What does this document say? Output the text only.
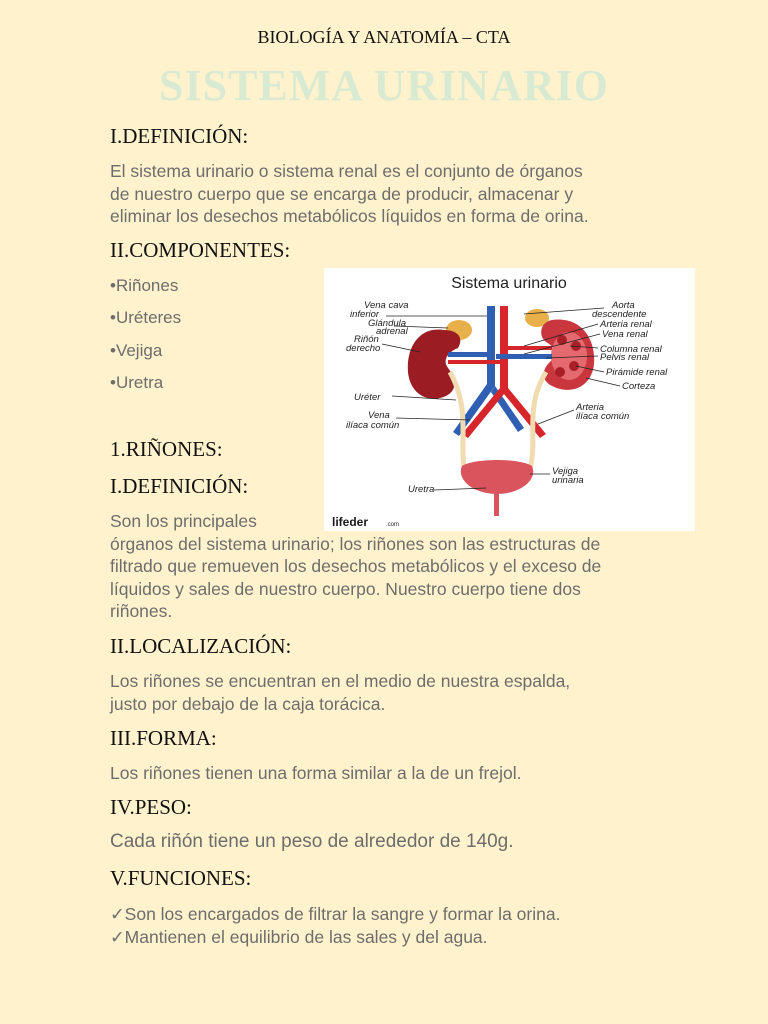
BIOLOGÍA Y ANATOMÍA – CTA
SISTEMA URINARIO
I.DEFINICIÓN:
El sistema urinario o sistema renal es el conjunto de órganos
de nuestro cuerpo que se encarga de producir, almacenar y
eliminar los desechos metabólicos líquidos en forma de orina.
II.COMPONENTES:
•Riñones
•Uréteres
•Vejiga
•Uretra
Sistema urinario
Vena cava
inferior
Glándula
adrenal
Riñón
derecho
Uréter
Vena
ilíaca común
Uretra
Aorta
descendente
Arteria renal
Vena renal
Columna renal
Pelvis renal
Pirámide renal
Corteza
Arteria
ilíaca común
Vejiga
urinaria
lifeder	.com
1.RIÑONES:
I.DEFINICIÓN:
Son los principales
órganos del sistema urinario; los riñones son las estructuras de
filtrado que remueven los desechos metabólicos y el exceso de
líquidos y sales de nuestro cuerpo. Nuestro cuerpo tiene dos
riñones.
II.LOCALIZACIÓN:
Los riñones se encuentran en el medio de nuestra espalda,
justo por debajo de la caja torácica.
III.FORMA:
Los riñones tienen una forma similar a la de un frejol.
IV.PESO:
Cada riñón tiene un peso de alrededor de 140g.
V.FUNCIONES:
✓Son los encargados de filtrar la sangre y formar la orina.
✓Mantienen el equilibrio de las sales y del agua.
